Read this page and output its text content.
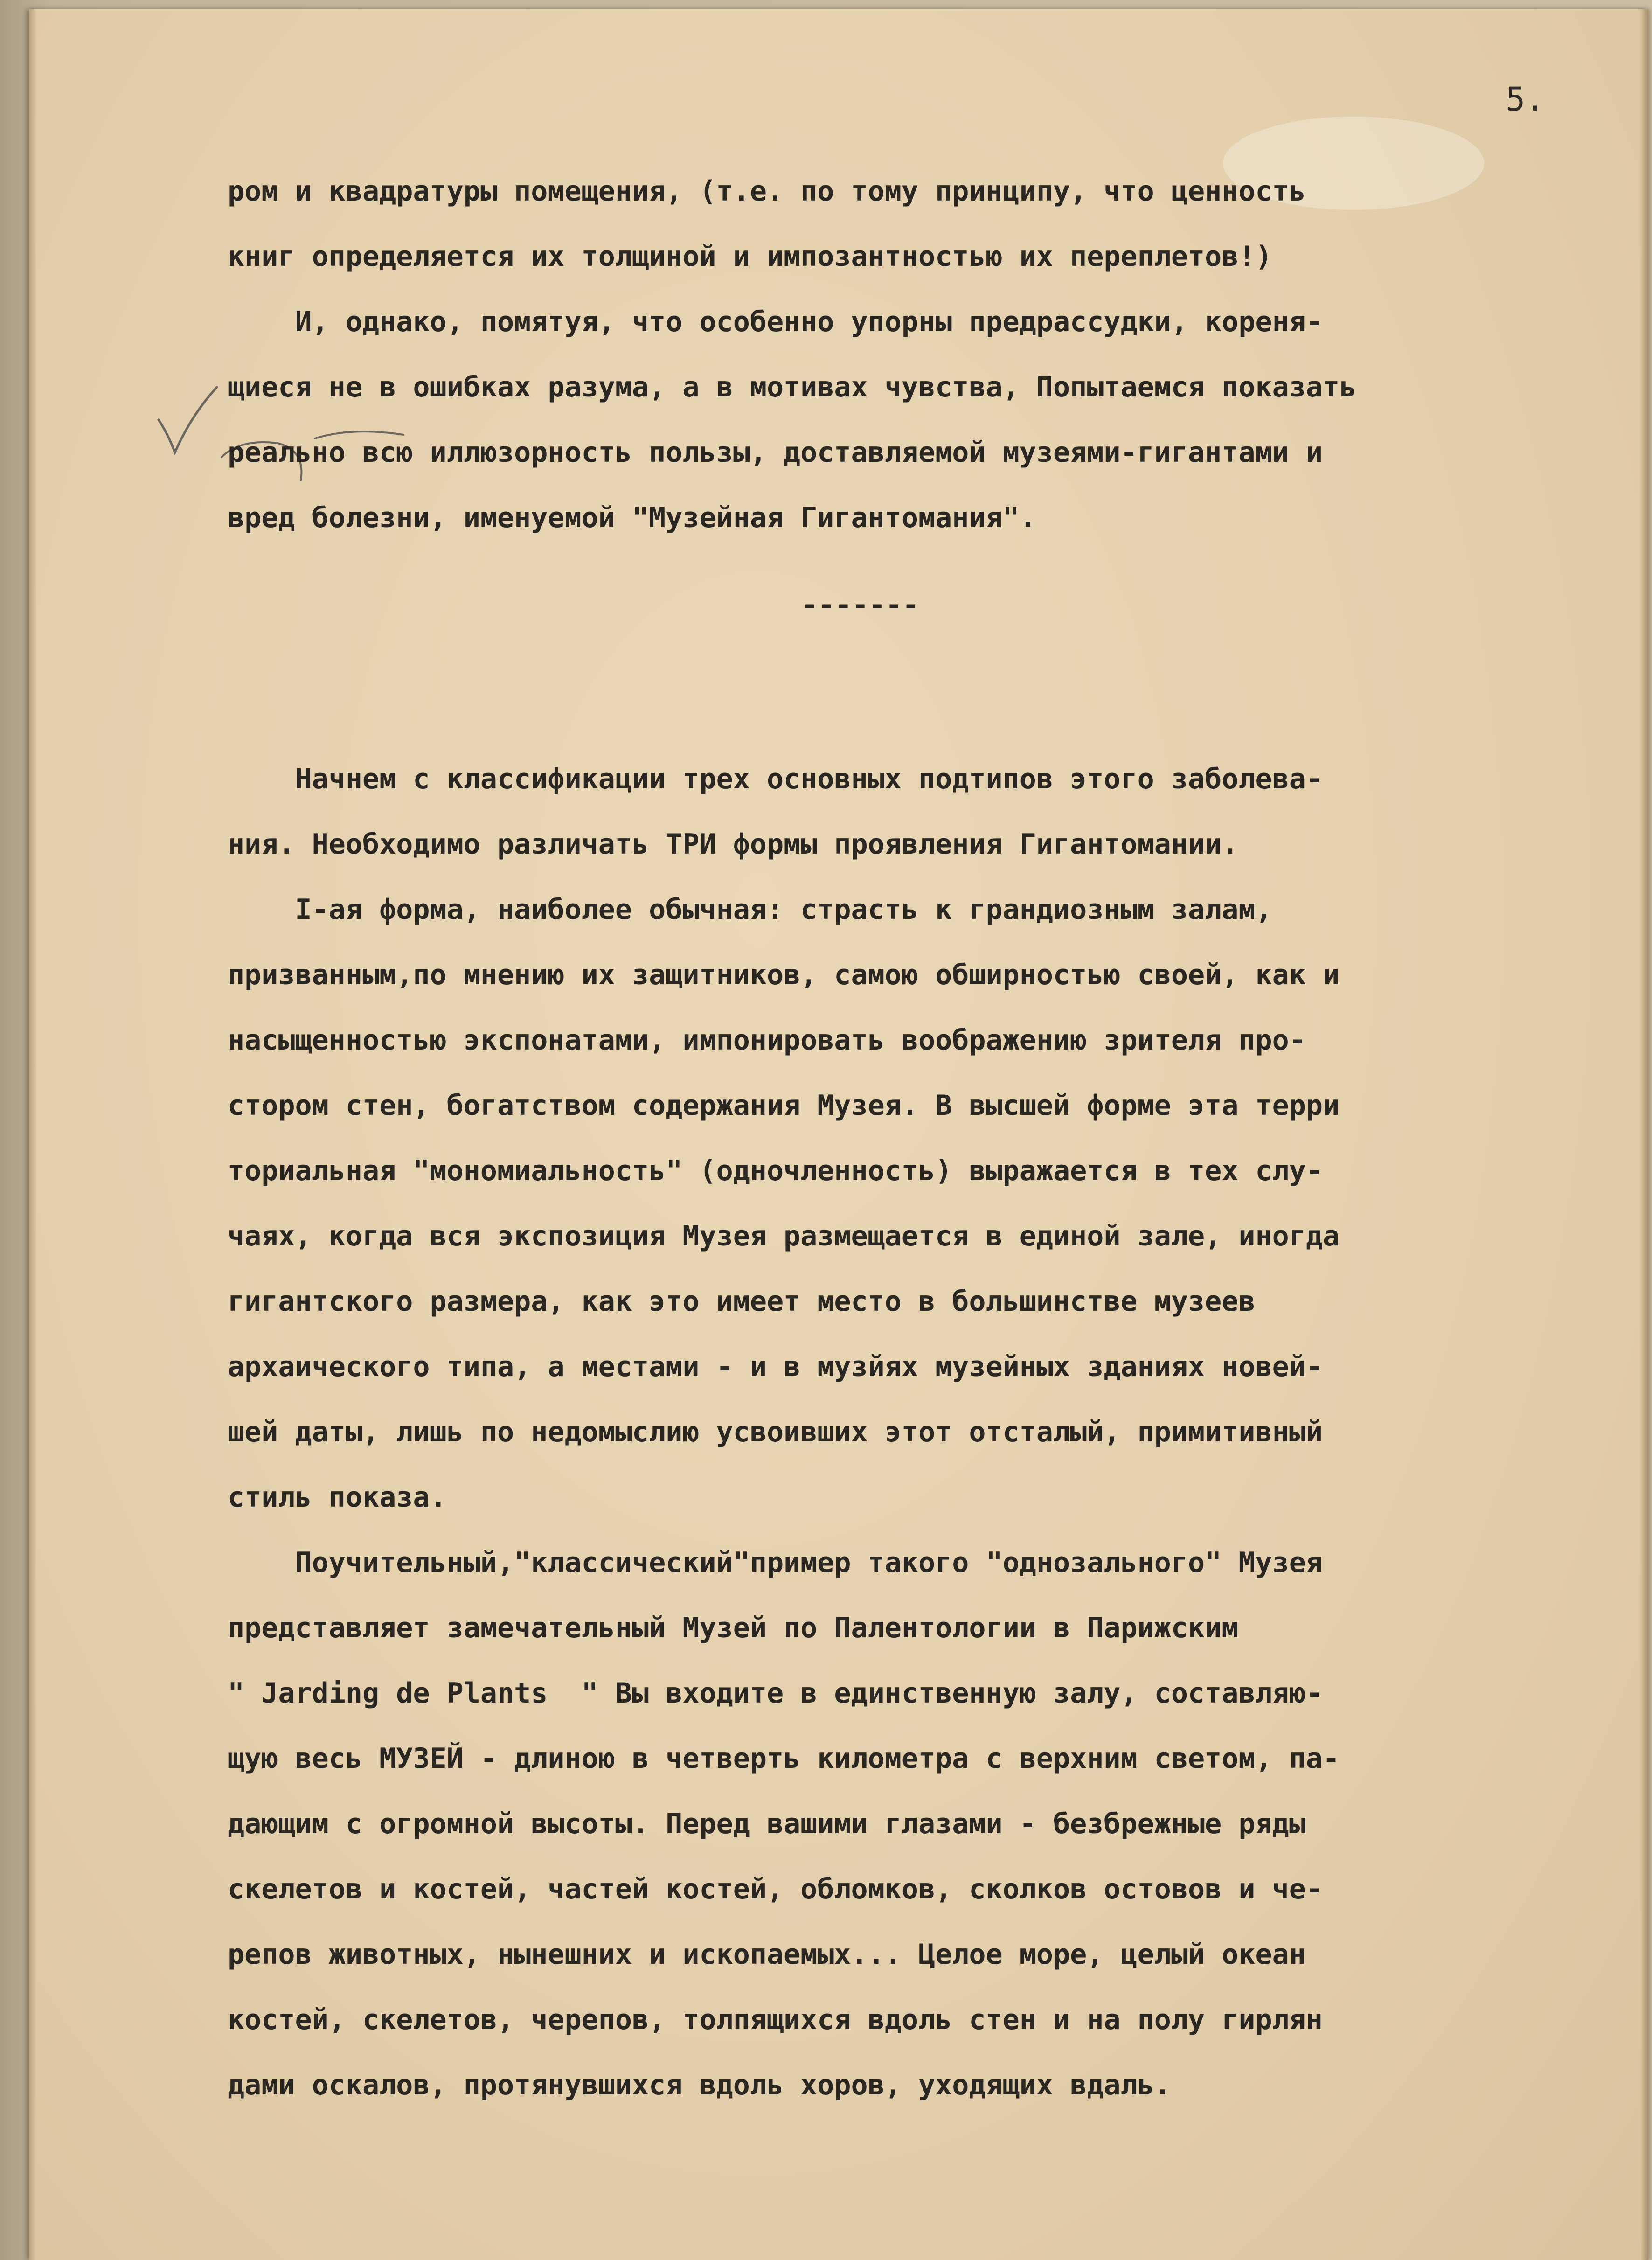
5.

ром и квадратуры помещения, (т.е. по тому принципу, что ценность
книг определяется их толщиной и импозантностью их переплетов!)
И, однако, помятуя, что особенно упорны предрассудки, кореня-
щиеся не в ошибках разума, а в мотивах чувства, Попытаемся показать
реально всю иллюзорность пользы, доставляемой музеями-гигантами и
вред болезни, именуемой "Музейная Гигантомания".

-------

Начнем с классификации трех основных подтипов этого заболева-
ния. Необходимо различать ТРИ формы проявления Гигантомании.
I-ая форма, наиболее обычная: страсть к грандиозным залам,
призванным,по мнению их защитников, самою обширностью своей, как и
насыщенностью экспонатами, импонировать воображению зрителя про-
стором стен, богатством содержания Музея. В высшей форме эта терри
ториальная "мономиальность" (одночленность) выражается в тех слу-
чаях, когда вся экспозиция Музея размещается в единой зале, иногда
гигантского размера, как это имеет место в большинстве музеев
архаического типа, а местами - и в музйях музейных зданиях новей-
шей даты, лишь по недомыслию усвоивших этот отсталый, примитивный
стиль показа.
Поучительный,"классический"пример такого "однозального" Музея
представляет замечательный Музей по Палентологии в Парижским
" Jarding de Plants  " Вы входите в единственную залу, составляю-
щую весь МУЗЕЙ - длиною в четверть километра с верхним светом, па-
дающим с огромной высоты. Перед вашими глазами - безбрежные ряды
скелетов и костей, частей костей, обломков, сколков остовов и че-
репов животных, нынешних и ископаемых... Целое море, целый океан
костей, скелетов, черепов, толпящихся вдоль стен и на полу гирлян
дами оскалов, протянувшихся вдоль хоров, уходящих вдаль.
